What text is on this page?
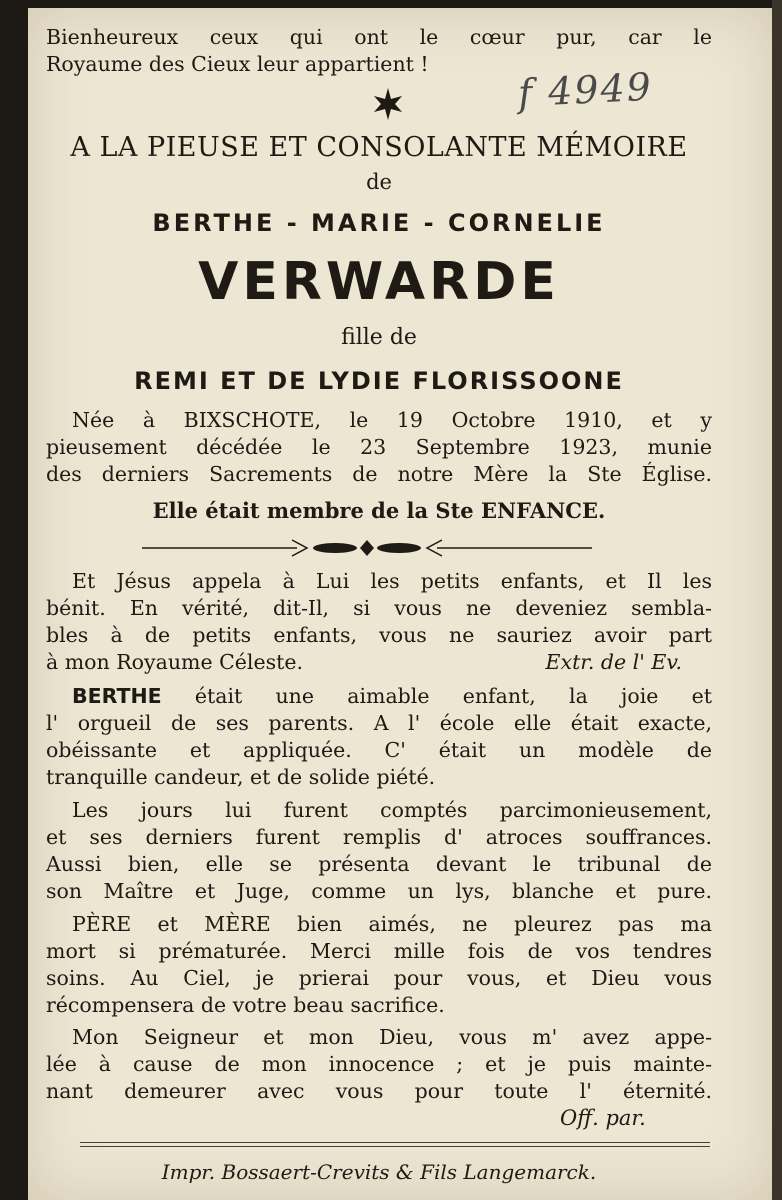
Bienheureux ceux qui ont le cœur pur, car le
Royaume des Cieux leur appartient !
f 4949
A LA PIEUSE ET CONSOLANTE MÉMOIRE
de
BERTHE - MARIE - CORNELIE
VERWARDE
fille de
REMI ET DE LYDIE FLORISSOONE
Née à BIXSCHOTE, le 19 Octobre 1910, et y
pieusement décédée le 23 Septembre 1923, munie
des derniers Sacrements de notre Mère la Ste Église.
Elle était membre de la Ste ENFANCE.
Et Jésus appela à Lui les petits enfants, et Il les
bénit. En vérité, dit-Il, si vous ne deveniez sembla-
bles à de petits enfants, vous ne sauriez avoir part
à mon Royaume Céleste.	Extr. de l' Ev.
BERTHE était une aimable enfant, la joie et
l' orgueil de ses parents. A l' école elle était exacte,
obéissante et appliquée. C' était un modèle de
tranquille candeur, et de solide piété.
Les jours lui furent comptés parcimonieusement,
et ses derniers furent remplis d' atroces souffrances.
Aussi bien, elle se présenta devant le tribunal de
son Maître et Juge, comme un lys, blanche et pure.
PÈRE et MÈRE bien aimés, ne pleurez pas ma
mort si prématurée. Merci mille fois de vos tendres
soins. Au Ciel, je prierai pour vous, et Dieu vous
récompensera de votre beau sacrifice.
Mon Seigneur et mon Dieu, vous m' avez appe-
lée à cause de mon innocence ; et je puis mainte-
nant demeurer avec vous pour toute l' éternité.
Off. par.
Impr. Bossaert-Crevits & Fils Langemarck.
